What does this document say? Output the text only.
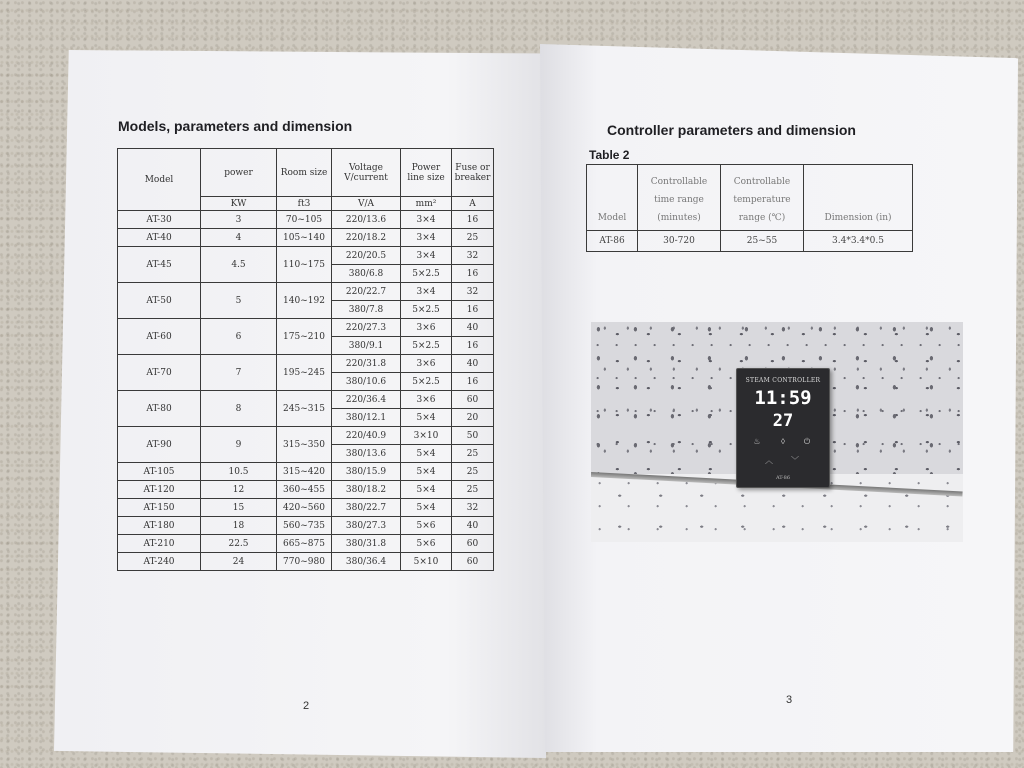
Models, parameters and dimension
Model	power	Room size	Voltage V/current	Power line size	Fuse or breaker
	KW	ft3	V/A	mm²	A
AT-30	3	70~105	220/13.6	3×4	16
AT-40	4	105~140	220/18.2	3×4	25
AT-45	4.5	110~175	220/20.5	3×4	32
			380/6.8	5×2.5	16
AT-50	5	140~192	220/22.7	3×4	32
			380/7.8	5×2.5	16
AT-60	6	175~210	220/27.3	3×6	40
			380/9.1	5×2.5	16
AT-70	7	195~245	220/31.8	3×6	40
			380/10.6	5×2.5	16
AT-80	8	245~315	220/36.4	3×6	60
			380/12.1	5×4	20
AT-90	9	315~350	220/40.9	3×10	50
			380/13.6	5×4	25
AT-105	10.5	315~420	380/15.9	5×4	25
AT-120	12	360~455	380/18.2	5×4	25
AT-150	15	420~560	380/22.7	5×4	32
AT-180	18	560~735	380/27.3	5×6	40
AT-210	22.5	665~875	380/31.8	5×6	60
AT-240	24	770~980	380/36.4	5×10	60
2
Controller parameters and dimension
Table 2
Model	Controllable time range (minutes)	Controllable temperature range (℃)	Dimension (in)
AT-86	30-720	25~55	3.4*3.4*0.5
STEAM CONTROLLER
11:59
27
♨	◊	⏻
︿ ﹀
AT-86
3
